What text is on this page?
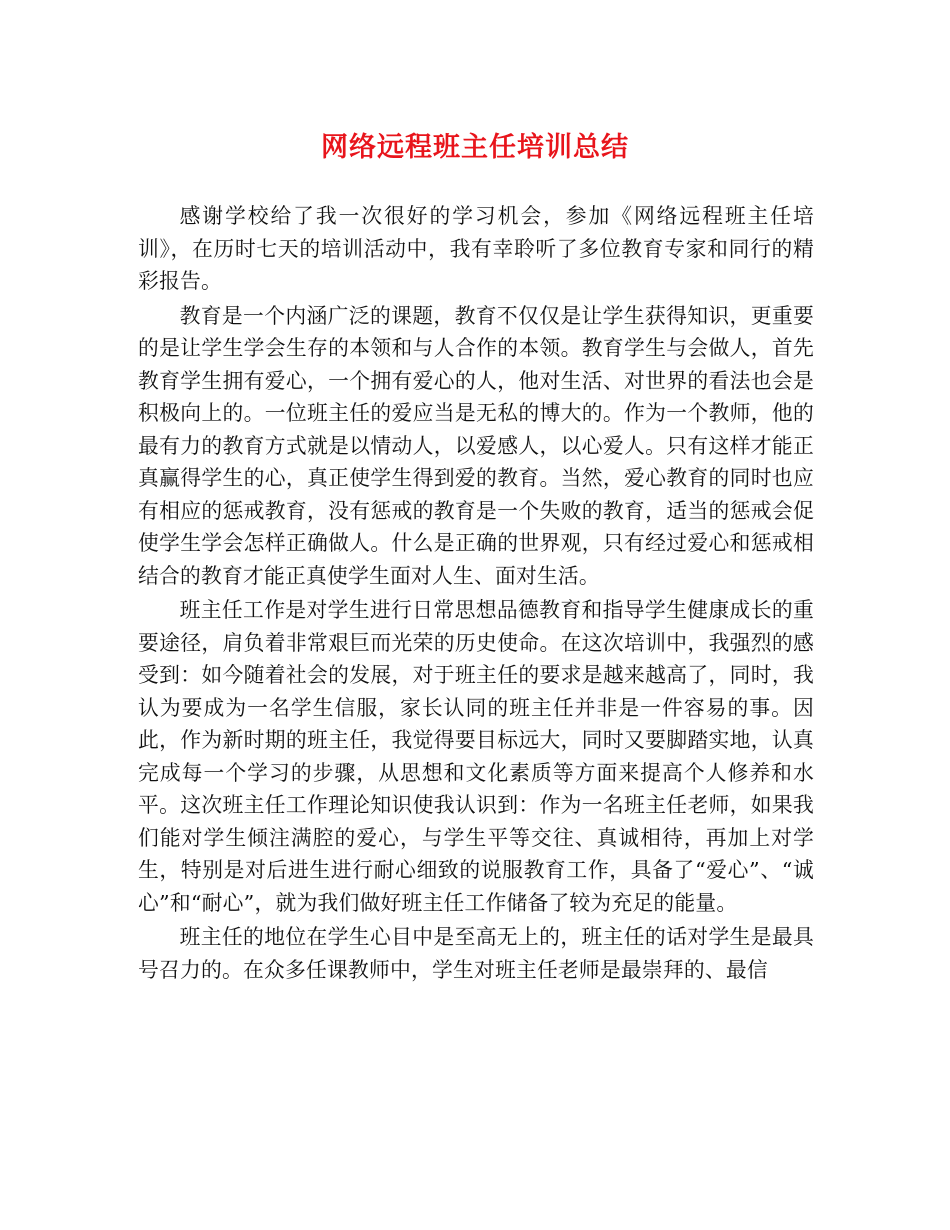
网络远程班主任培训总结

感谢学校给了我一次很好的学习机会，参加《网络远程班主任培训》，在历时七天的培训活动中，我有幸聆听了多位教育专家和同行的精彩报告。

教育是一个内涵广泛的课题，教育不仅仅是让学生获得知识，更重要的是让学生学会生存的本领和与人合作的本领。教育学生与会做人，首先教育学生拥有爱心，一个拥有爱心的人，他对生活、对世界的看法也会是积极向上的。一位班主任的爱应当是无私的博大的。作为一个教师，他的最有力的教育方式就是以情动人，以爱感人，以心爱人。只有这样才能正真赢得学生的心，真正使学生得到爱的教育。当然，爱心教育的同时也应有相应的惩戒教育，没有惩戒的教育是一个失败的教育，适当的惩戒会促使学生学会怎样正确做人。什么是正确的世界观，只有经过爱心和惩戒相结合的教育才能正真使学生面对人生、面对生活。

班主任工作是对学生进行日常思想品德教育和指导学生健康成长的重要途径，肩负着非常艰巨而光荣的历史使命。在这次培训中，我强烈的感受到：如今随着社会的发展，对于班主任的要求是越来越高了，同时，我认为要成为一名学生信服，家长认同的班主任并非是一件容易的事。因此，作为新时期的班主任，我觉得要目标远大，同时又要脚踏实地，认真完成每一个学习的步骤，从思想和文化素质等方面来提高个人修养和水平。这次班主任工作理论知识使我认识到：作为一名班主任老师，如果我们能对学生倾注满腔的爱心，与学生平等交往、真诚相待，再加上对学生，特别是对后进生进行耐心细致的说服教育工作，具备了“爱心”、“诚心”和“耐心”，就为我们做好班主任工作储备了较为充足的能量。

班主任的地位在学生心目中是至高无上的，班主任的话对学生是最具号召力的。在众多任课教师中，学生对班主任老师是最崇拜的、最信
